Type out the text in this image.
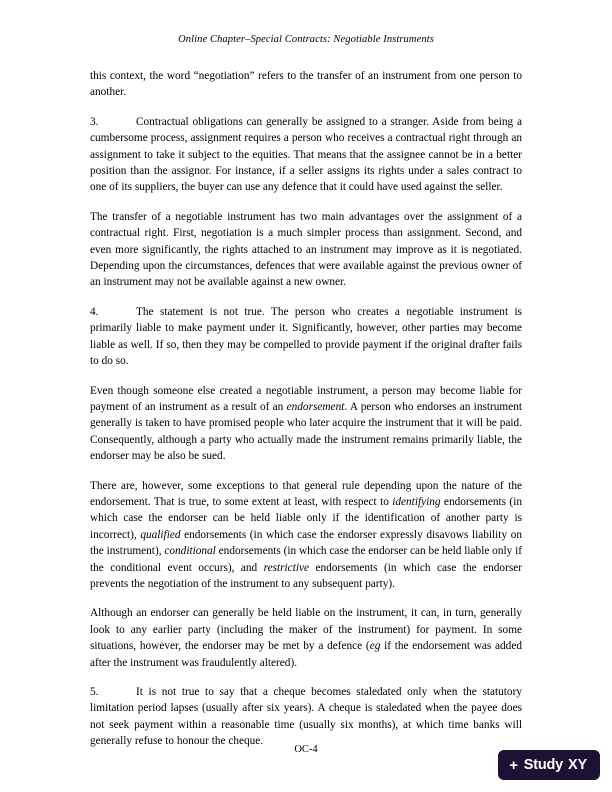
Online Chapter–Special Contracts: Negotiable Instruments

this context, the word “negotiation” refers to the transfer of an instrument from one person to another.

3.	Contractual obligations can generally be assigned to a stranger. Aside from being a cumbersome process, assignment requires a person who receives a contractual right through an assignment to take it subject to the equities. That means that the assignee cannot be in a better position than the assignor. For instance, if a seller assigns its rights under a sales contract to one of its suppliers, the buyer can use any defence that it could have used against the seller.

The transfer of a negotiable instrument has two main advantages over the assignment of a contractual right. First, negotiation is a much simpler process than assignment. Second, and even more significantly, the rights attached to an instrument may improve as it is negotiated. Depending upon the circumstances, defences that were available against the previous owner of an instrument may not be available against a new owner.

4.	The statement is not true. The person who creates a negotiable instrument is primarily liable to make payment under it. Significantly, however, other parties may become liable as well. If so, then they may be compelled to provide payment if the original drafter fails to do so.

Even though someone else created a negotiable instrument, a person may become liable for payment of an instrument as a result of an endorsement. A person who endorses an instrument generally is taken to have promised people who later acquire the instrument that it will be paid. Consequently, although a party who actually made the instrument remains primarily liable, the endorser may be also be sued.

There are, however, some exceptions to that general rule depending upon the nature of the endorsement. That is true, to some extent at least, with respect to identifying endorsements (in which case the endorser can be held liable only if the identification of another party is incorrect), qualified endorsements (in which case the endorser expressly disavows liability on the instrument), conditional endorsements (in which case the endorser can be held liable only if the conditional event occurs), and restrictive endorsements (in which case the endorser prevents the negotiation of the instrument to any subsequent party).

Although an endorser can generally be held liable on the instrument, it can, in turn, generally look to any earlier party (including the maker of the instrument) for payment. In some situations, however, the endorser may be met by a defence (eg if the endorsement was added after the instrument was fraudulently altered).

5.	It is not true to say that a cheque becomes staledated only when the statutory limitation period lapses (usually after six years). A cheque is staledated when the payee does not seek payment within a reasonable time (usually six months), at which time banks will generally refuse to honour the cheque.

OC-4
+ Study XY
